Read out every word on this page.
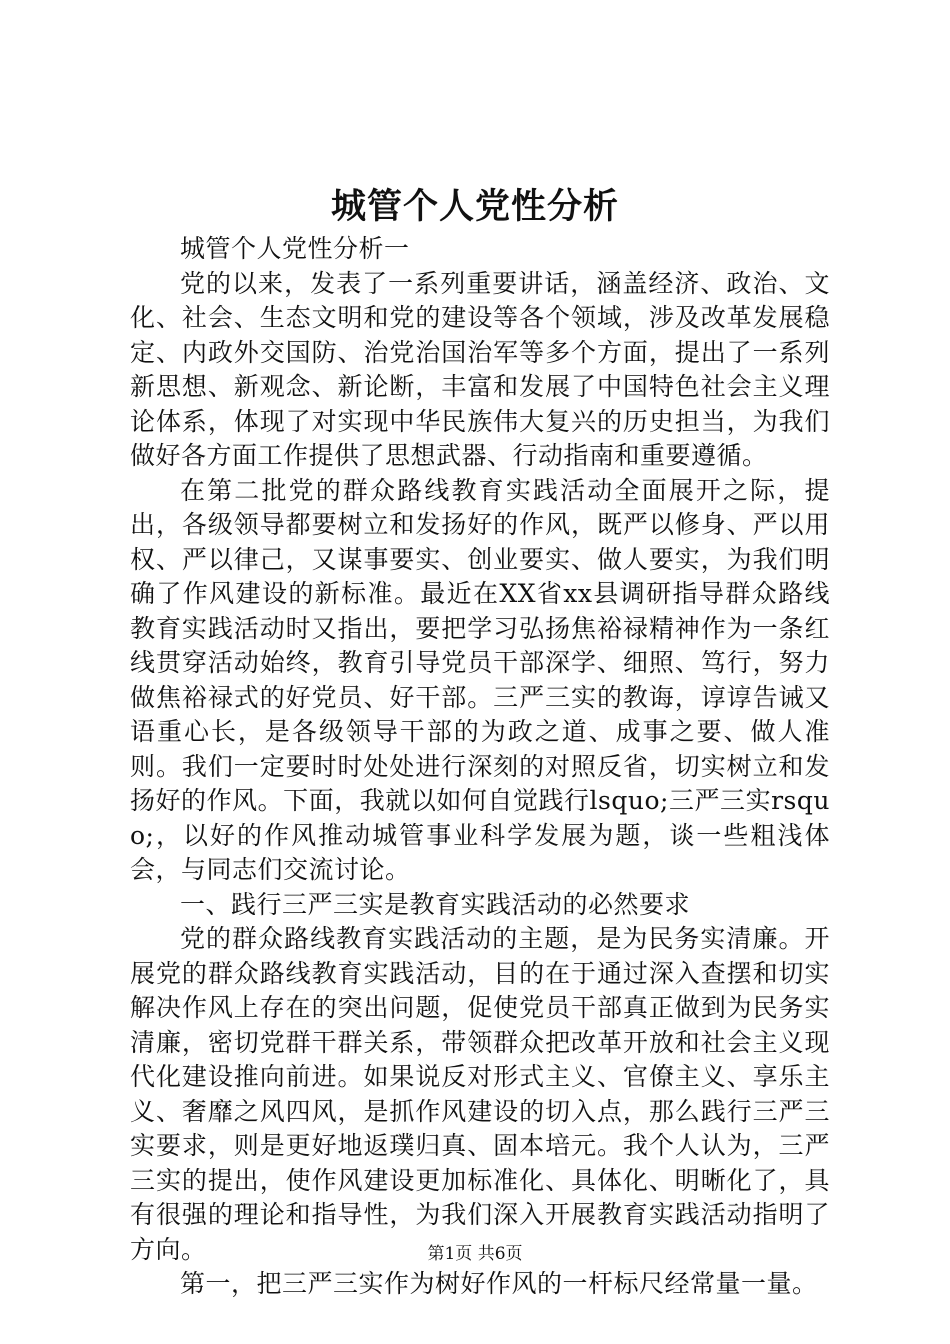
城管个人党性分析

城管个人党性分析一

党的以来，发表了一系列重要讲话，涵盖经济、政治、文化、社会、生态文明和党的建设等各个领域，涉及改革发展稳定、内政外交国防、治党治国治军等多个方面，提出了一系列新思想、新观念、新论断，丰富和发展了中国特色社会主义理论体系，体现了对实现中华民族伟大复兴的历史担当，为我们做好各方面工作提供了思想武器、行动指南和重要遵循。

在第二批党的群众路线教育实践活动全面展开之际，提出，各级领导都要树立和发扬好的作风，既严以修身、严以用权、严以律己，又谋事要实、创业要实、做人要实，为我们明确了作风建设的新标准。最近在XX省xx县调研指导群众路线教育实践活动时又指出，要把学习弘扬焦裕禄精神作为一条红线贯穿活动始终，教育引导党员干部深学、细照、笃行，努力做焦裕禄式的好党员、好干部。三严三实的教诲，谆谆告诫又语重心长，是各级领导干部的为政之道、成事之要、做人准则。我们一定要时时处处进行深刻的对照反省，切实树立和发扬好的作风。下面，我就以如何自觉践行lsquo;三严三实rsquo;，以好的作风推动城管事业科学发展为题，谈一些粗浅体会，与同志们交流讨论。

一、践行三严三实是教育实践活动的必然要求

党的群众路线教育实践活动的主题，是为民务实清廉。开展党的群众路线教育实践活动，目的在于通过深入查摆和切实解决作风上存在的突出问题，促使党员干部真正做到为民务实清廉，密切党群干群关系，带领群众把改革开放和社会主义现代化建设推向前进。如果说反对形式主义、官僚主义、享乐主义、奢靡之风四风，是抓作风建设的切入点，那么践行三严三实要求，则是更好地返璞归真、固本培元。我个人认为，三严三实的提出，使作风建设更加标准化、具体化、明晰化了，具有很强的理论和指导性，为我们深入开展教育实践活动指明了方向。

第一，把三严三实作为树好作风的一杆标尺经常量一量。

第1页 共6页
